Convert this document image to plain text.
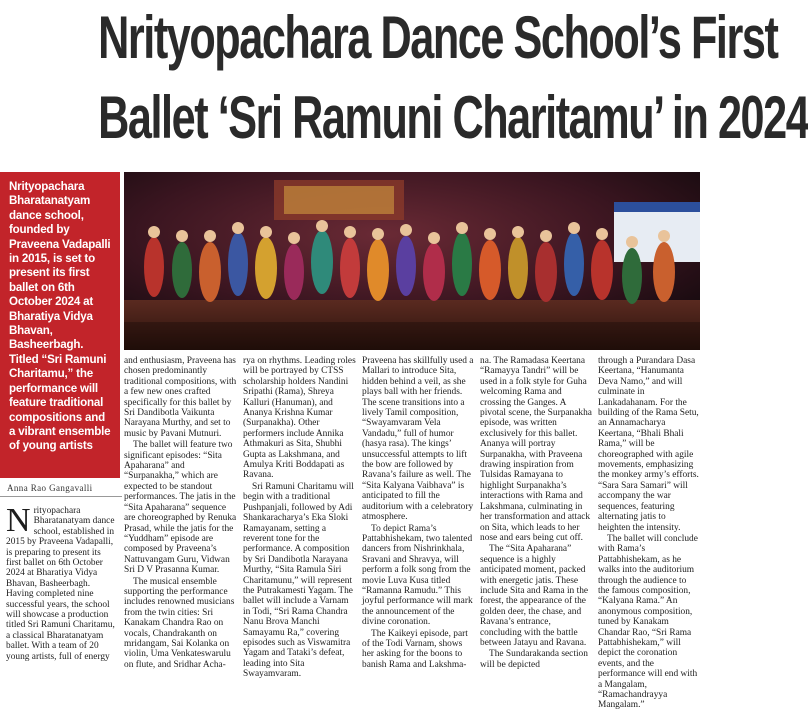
Nrityopachara Dance School’s First
Ballet ‘Sri Ramuni Charitamu’ in 2024
Nrityopachara Bharatanatyam dance school, founded by Praveena Vadapalli in 2015, is set to present its first ballet on 6th October 2024 at Bharatiya Vidya Bhavan, Basheerbagh. Titled “Sri Ramuni Charitamu,” the performance will feature traditional compositions and a vibrant ensemble of young artists
Anna Rao Gangavalli
N rityopachara Bharatanatyam dance school, established in 2015 by Praveena Vadapalli, is preparing to present its first ballet on 6th October 2024 at Bharatiya Vidya Bhavan, Basheerbagh. Having completed nine successful years, the school will showcase a production titled Sri Ramuni Charitamu, a classical Bharatanatyam ballet. With a team of 20 young artists, full of energy

and enthusiasm, Praveena has chosen predominantly traditional compositions, with a few new ones crafted specifically for this ballet by Sri Dandibotla Vaikunta Narayana Murthy, and set to music by Pavani Mutnuri.

The ballet will feature two significant episodes: “Sita Apaharana” and “Surpanakha,” which are expected to be standout performances. The jatis in the “Sita Apaharana” sequence are choreographed by Renuka Prasad, while the jatis for the “Yuddham” episode are composed by Praveena’s Nattuvangam Guru, Vidwan Sri D V Prasanna Kumar.

The musical ensemble supporting the performance includes renowned musicians from the twin cities: Sri Kanakam Chandra Rao on vocals, Chandrakanth on mridangam, Sai Kolanka on violin, Uma Venkateswarulu on flute, and Sridhar Acha-

rya on rhythms. Leading roles will be portrayed by CTSS scholarship holders Nandini Sripathi (Rama), Shreya Kalluri (Hanuman), and Ananya Krishna Kumar (Surpanakha). Other performers include Annika Athmakuri as Sita, Shubhi Gupta as Lakshmana, and Amulya Kriti Boddapati as Ravana.

Sri Ramuni Charitamu will begin with a traditional Pushpanjali, followed by Adi Shankaracharya’s Eka Sloki Ramayanam, setting a reverent tone for the performance. A composition by Sri Dandibotla Narayana Murthy, “Sita Ramula Siri Charitamunu,” will represent the Putrakamesti Yagam. The ballet will include a Varnam in Todi, “Sri Rama Chandra Nanu Brova Manchi Samayamu Ra,” covering episodes such as Viswamitra Yagam and Tataki’s defeat, leading into Sita Swayamvaram.

Praveena has skillfully used a Mallari to introduce Sita, hidden behind a veil, as she plays ball with her friends. The scene transitions into a lively Tamil composition, “Swayamvaram Vela Vandadu,” full of humor (hasya rasa). The kings’ unsuccessful attempts to lift the bow are followed by Ravana’s failure as well. The “Sita Kalyana Vaibhava” is anticipated to fill the auditorium with a celebratory atmosphere.

To depict Rama’s Pattabhishekam, two talented dancers from Nishrinkhala, Sravani and Shravya, will perform a folk song from the movie Luva Kusa titled “Ramanna Ramudu.” This joyful performance will mark the announcement of the divine coronation.

The Kaikeyi episode, part of the Todi Varnam, shows her asking for the boons to banish Rama and Lakshma-

na. The Ramadasa Keertana “Ramayya Tandri” will be used in a folk style for Guha welcoming Rama and crossing the Ganges. A pivotal scene, the Surpanakha episode, was written exclusively for this ballet. Ananya will portray Surpanakha, with Praveena drawing inspiration from Tulsidas Ramayana to highlight Surpanakha’s interactions with Rama and Lakshmana, culminating in her transformation and attack on Sita, which leads to her nose and ears being cut off.

The “Sita Apaharana” sequence is a highly anticipated moment, packed with energetic jatis. These include Sita and Rama in the forest, the appearance of the golden deer, the chase, and Ravana’s entrance, concluding with the battle between Jatayu and Ravana.

The Sundarakanda section will be depicted

through a Purandara Dasa Keertana, “Hanumanta Deva Namo,” and will culminate in Lankadahanam. For the building of the Rama Setu, an Annamacharya Keertana, “Bhali Bhali Rama,” will be choreographed with agile movements, emphasizing the monkey army’s efforts. “Sara Sara Samari” will accompany the war sequences, featuring alternating jatis to heighten the intensity.

The ballet will conclude with Rama’s Pattabhishekam, as he walks into the auditorium through the audience to the famous composition, “Kalyana Rama.” An anonymous composition, tuned by Kanakam Chandar Rao, “Sri Rama Pattabhishekam,” will depict the coronation events, and the performance will end with a Mangalam, “Ramachandrayya Mangalam.”
